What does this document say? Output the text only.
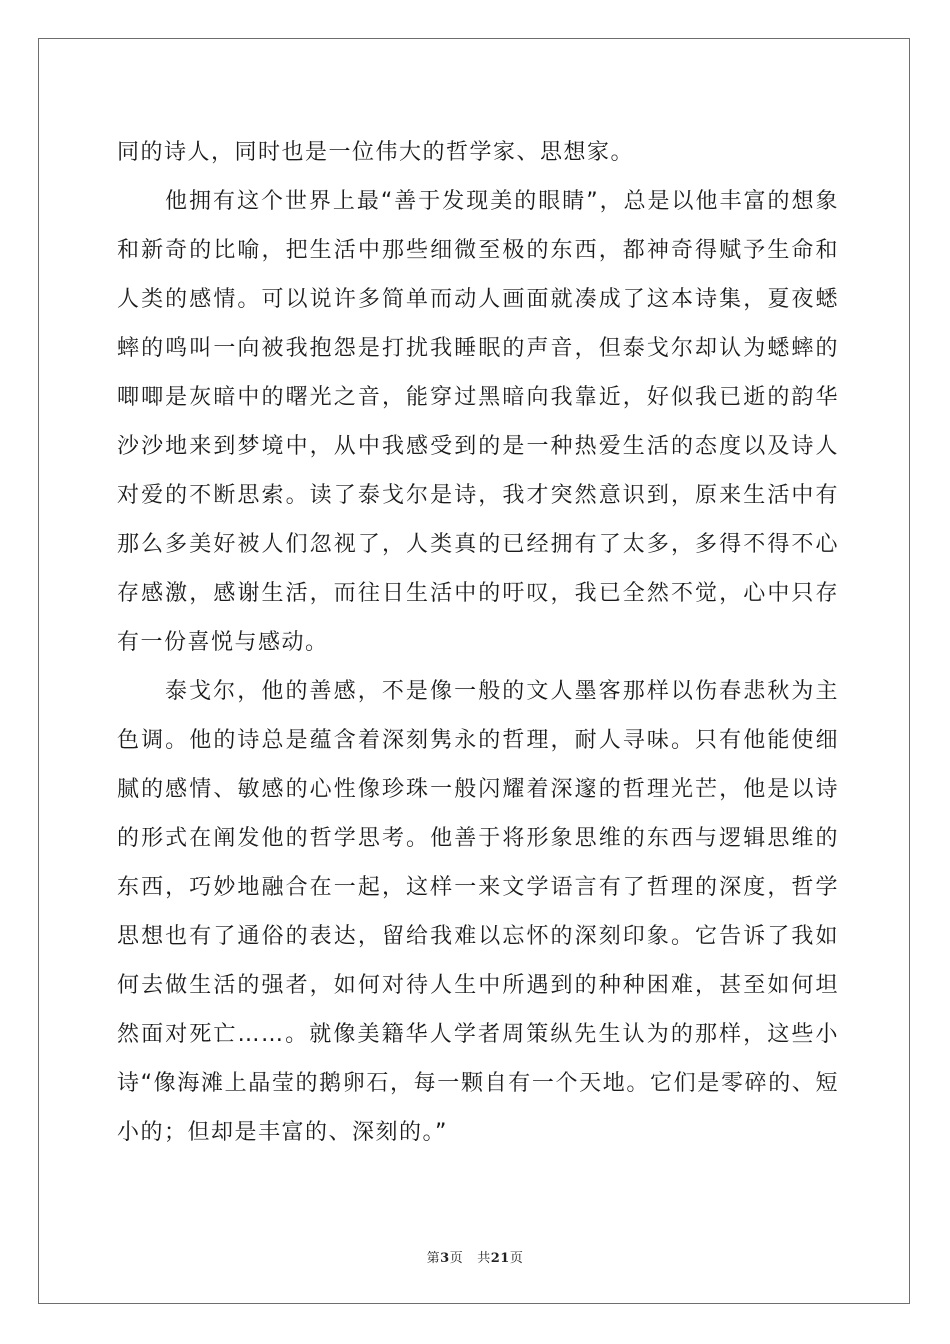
同的诗人，同时也是一位伟大的哲学家、思想家。

他拥有这个世界上最“善于发现美的眼睛”，总是以他丰富的想象和新奇的比喻，把生活中那些细微至极的东西，都神奇得赋予生命和人类的感情。可以说许多简单而动人画面就凑成了这本诗集，夏夜蟋蟀的鸣叫一向被我抱怨是打扰我睡眠的声音，但泰戈尔却认为蟋蟀的唧唧是灰暗中的曙光之音，能穿过黑暗向我靠近，好似我已逝的韵华沙沙地来到梦境中，从中我感受到的是一种热爱生活的态度以及诗人对爱的不断思索。读了泰戈尔是诗，我才突然意识到，原来生活中有那么多美好被人们忽视了，人类真的已经拥有了太多，多得不得不心存感激，感谢生活，而往日生活中的吁叹，我已全然不觉，心中只存有一份喜悦与感动。

泰戈尔，他的善感，不是像一般的文人墨客那样以伤春悲秋为主色调。他的诗总是蕴含着深刻隽永的哲理，耐人寻味。只有他能使细腻的感情、敏感的心性像珍珠一般闪耀着深邃的哲理光芒，他是以诗的形式在阐发他的哲学思考。他善于将形象思维的东西与逻辑思维的东西，巧妙地融合在一起，这样一来文学语言有了哲理的深度，哲学思想也有了通俗的表达，留给我难以忘怀的深刻印象。它告诉了我如何去做生活的强者，如何对待人生中所遇到的种种困难，甚至如何坦然面对死亡……。就像美籍华人学者周策纵先生认为的那样，这些小诗“像海滩上晶莹的鹅卵石，每一颗自有一个天地。它们是零碎的、短小的；但却是丰富的、深刻的。”

第3页 共21页
